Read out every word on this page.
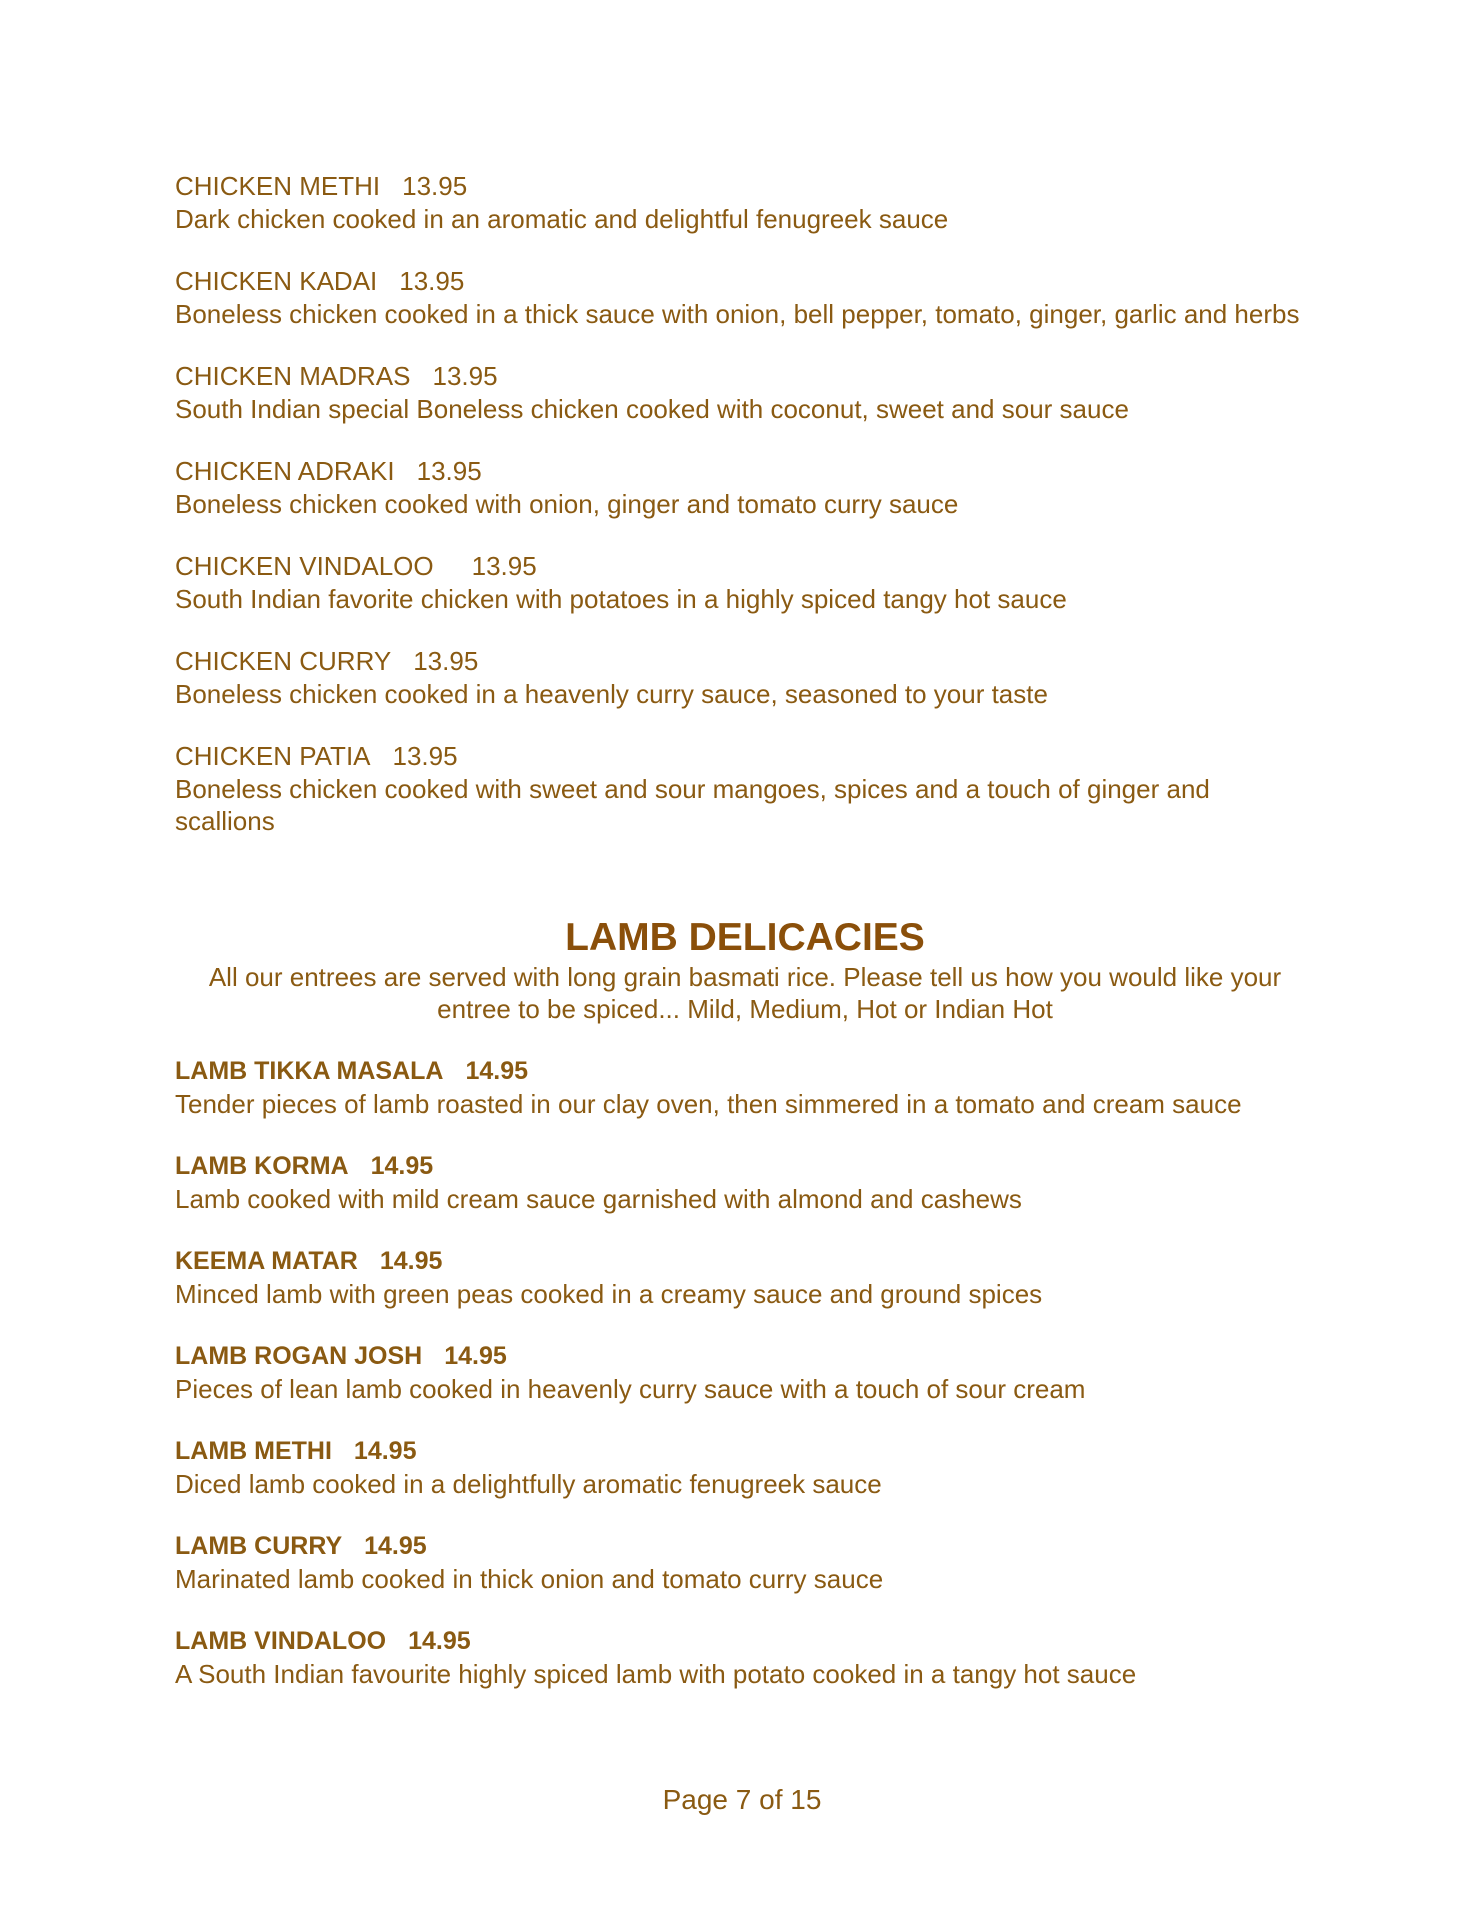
CHICKEN METHI 13.95
Dark chicken cooked in an aromatic and delightful fenugreek sauce
CHICKEN KADAI 13.95
Boneless chicken cooked in a thick sauce with onion, bell pepper, tomato, ginger, garlic and herbs
CHICKEN MADRAS 13.95
South Indian special Boneless chicken cooked with coconut, sweet and sour sauce
CHICKEN ADRAKI 13.95
Boneless chicken cooked with onion, ginger and tomato curry sauce
CHICKEN VINDALOO 13.95
South Indian favorite chicken with potatoes in a highly spiced tangy hot sauce
CHICKEN CURRY 13.95
Boneless chicken cooked in a heavenly curry sauce, seasoned to your taste
CHICKEN PATIA 13.95
Boneless chicken cooked with sweet and sour mangoes, spices and a touch of ginger and scallions
LAMB DELICACIES
All our entrees are served with long grain basmati rice. Please tell us how you would like your entree to be spiced... Mild, Medium, Hot or Indian Hot
LAMB TIKKA MASALA 14.95
Tender pieces of lamb roasted in our clay oven, then simmered in a tomato and cream sauce
LAMB KORMA 14.95
Lamb cooked with mild cream sauce garnished with almond and cashews
KEEMA MATAR 14.95
Minced lamb with green peas cooked in a creamy sauce and ground spices
LAMB ROGAN JOSH 14.95
Pieces of lean lamb cooked in heavenly curry sauce with a touch of sour cream
LAMB METHI 14.95
Diced lamb cooked in a delightfully aromatic fenugreek sauce
LAMB CURRY 14.95
Marinated lamb cooked in thick onion and tomato curry sauce
LAMB VINDALOO 14.95
A South Indian favourite highly spiced lamb with potato cooked in a tangy hot sauce
Page 7 of 15
